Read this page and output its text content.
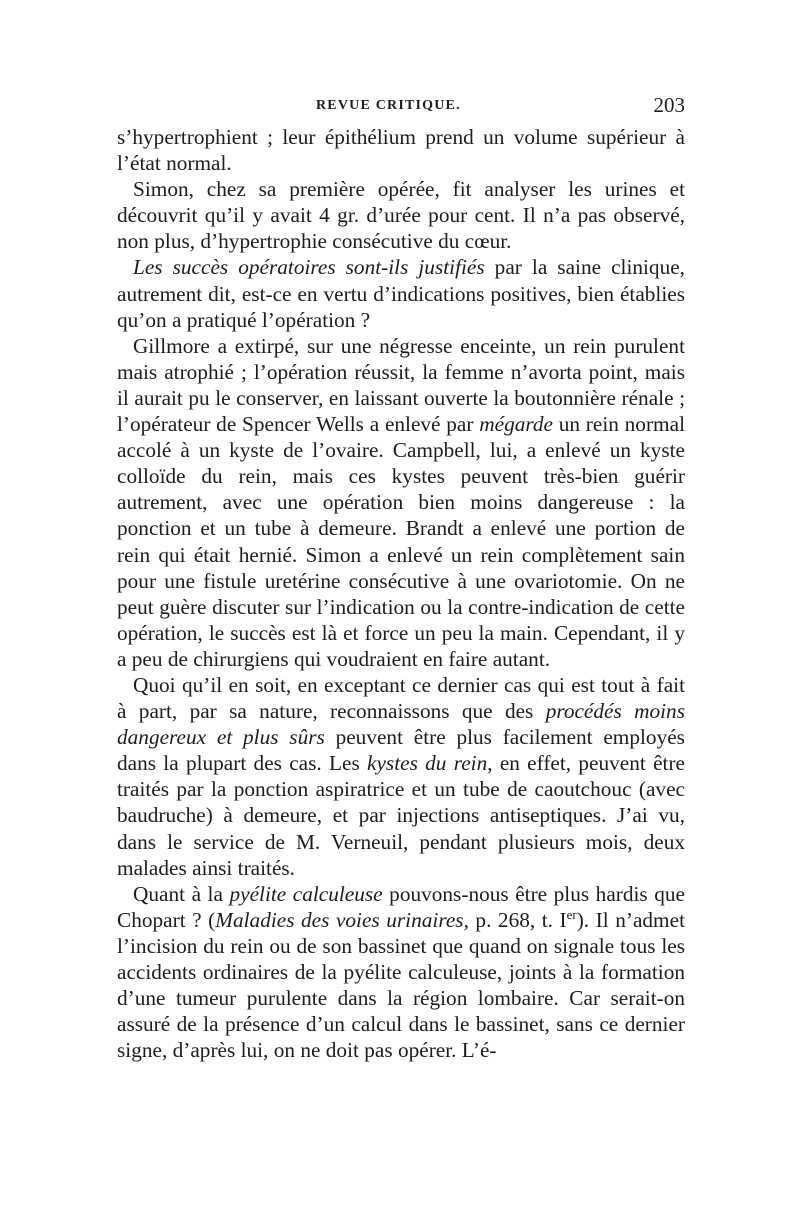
REVUE CRITIQUE.	203

s’hypertrophient ; leur épithélium prend un volume supérieur à l’état normal.

Simon, chez sa première opérée, fit analyser les urines et découvrit qu’il y avait 4 gr. d’urée pour cent. Il n’a pas observé, non plus, d’hypertrophie consécutive du cœur.

Les succès opératoires sont-ils justifiés par la saine clinique, autrement dit, est-ce en vertu d’indications positives, bien établies qu’on a pratiqué l’opération ?

Gillmore a extirpé, sur une négresse enceinte, un rein purulent mais atrophié ; l’opération réussit, la femme n’avorta point, mais il aurait pu le conserver, en laissant ouverte la boutonnière rénale ; l’opérateur de Spencer Wells a enlevé par mégarde un rein normal accolé à un kyste de l’ovaire. Campbell, lui, a enlevé un kyste colloïde du rein, mais ces kystes peuvent très-bien guérir autrement, avec une opération bien moins dangereuse : la ponction et un tube à demeure. Brandt a enlevé une portion de rein qui était hernié. Simon a enlevé un rein complètement sain pour une fistule uretérine consécutive à une ovariotomie. On ne peut guère discuter sur l’indication ou la contre-indication de cette opération, le succès est là et force un peu la main. Cependant, il y a peu de chirurgiens qui voudraient en faire autant.

Quoi qu’il en soit, en exceptant ce dernier cas qui est tout à fait à part, par sa nature, reconnaissons que des procédés moins dangereux et plus sûrs peuvent être plus facilement employés dans la plupart des cas. Les kystes du rein, en effet, peuvent être traités par la ponction aspiratrice et un tube de caoutchouc (avec baudruche) à demeure, et par injections antiseptiques. J’ai vu, dans le service de M. Verneuil, pendant plusieurs mois, deux malades ainsi traités.

Quant à la pyélite calculeuse pouvons-nous être plus hardis que Chopart ? (Maladies des voies urinaires, p. 268, t. Ier). Il n’admet l’incision du rein ou de son bassinet que quand on signale tous les accidents ordinaires de la pyélite calculeuse, joints à la formation d’une tumeur purulente dans la région lombaire. Car serait-on assuré de la présence d’un calcul dans le bassinet, sans ce dernier signe, d’après lui, on ne doit pas opérer. L’é-
